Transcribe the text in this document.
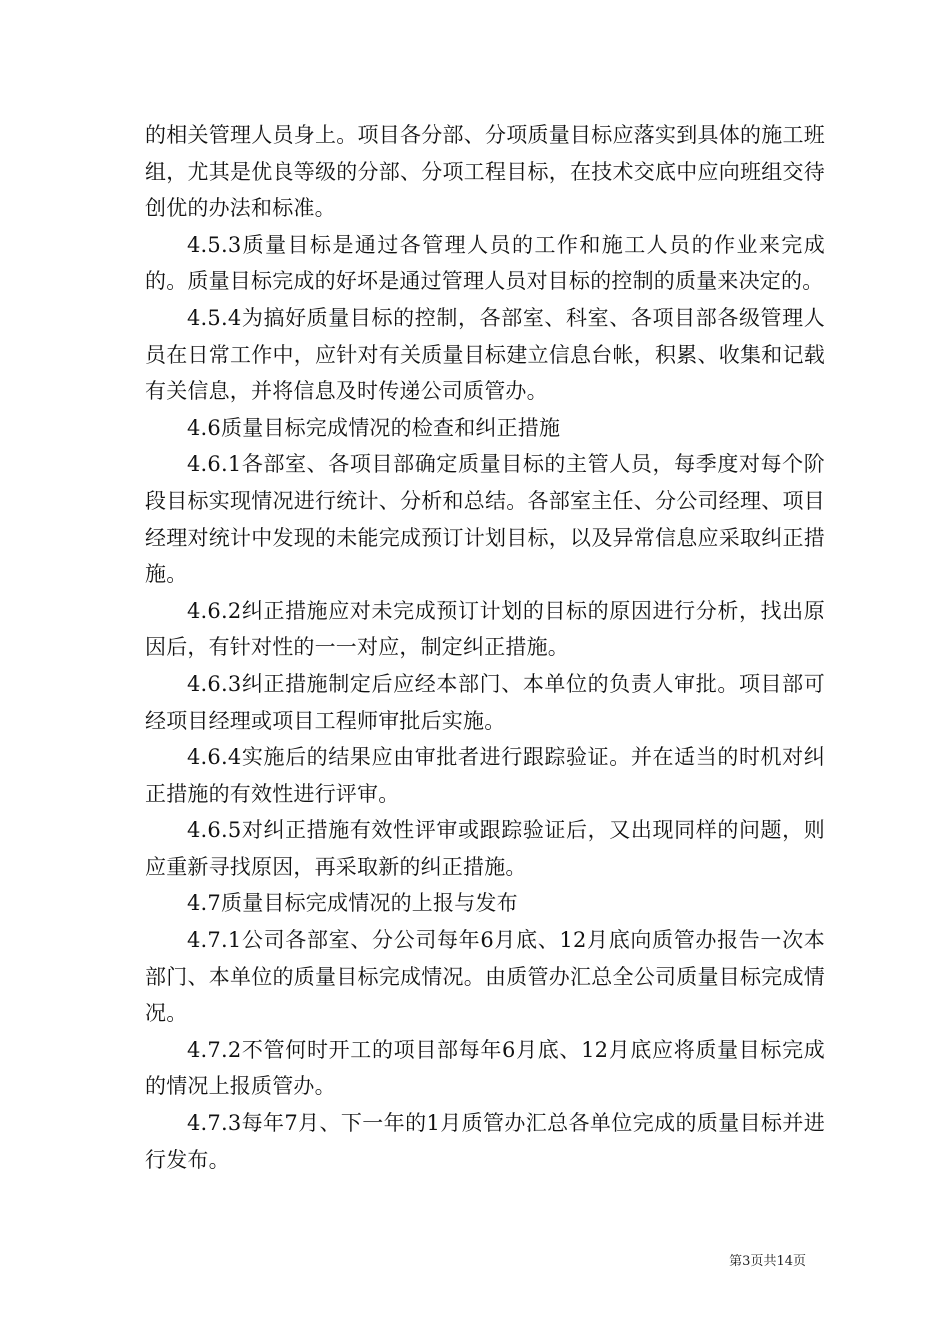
的相关管理人员身上。项目各分部、分项质量目标应落实到具体的施工班组，尤其是优良等级的分部、分项工程目标，在技术交底中应向班组交待创优的办法和标准。

4.5.3质量目标是通过各管理人员的工作和施工人员的作业来完成的。质量目标完成的好坏是通过管理人员对目标的控制的质量来决定的。

4.5.4为搞好质量目标的控制，各部室、科室、各项目部各级管理人员在日常工作中，应针对有关质量目标建立信息台帐，积累、收集和记载有关信息，并将信息及时传递公司质管办。

4.6质量目标完成情况的检查和纠正措施

4.6.1各部室、各项目部确定质量目标的主管人员，每季度对每个阶段目标实现情况进行统计、分析和总结。各部室主任、分公司经理、项目经理对统计中发现的未能完成预订计划目标，以及异常信息应采取纠正措施。

4.6.2纠正措施应对未完成预订计划的目标的原因进行分析，找出原因后，有针对性的一一对应，制定纠正措施。

4.6.3纠正措施制定后应经本部门、本单位的负责人审批。项目部可经项目经理或项目工程师审批后实施。

4.6.4实施后的结果应由审批者进行跟踪验证。并在适当的时机对纠正措施的有效性进行评审。

4.6.5对纠正措施有效性评审或跟踪验证后，又出现同样的问题，则应重新寻找原因，再采取新的纠正措施。

4.7质量目标完成情况的上报与发布

4.7.1公司各部室、分公司每年6月底、12月底向质管办报告一次本部门、本单位的质量目标完成情况。由质管办汇总全公司质量目标完成情况。

4.7.2不管何时开工的项目部每年6月底、12月底应将质量目标完成的情况上报质管办。

4.7.3每年7月、下一年的1月质管办汇总各单位完成的质量目标并进行发布。

第3页共14页
